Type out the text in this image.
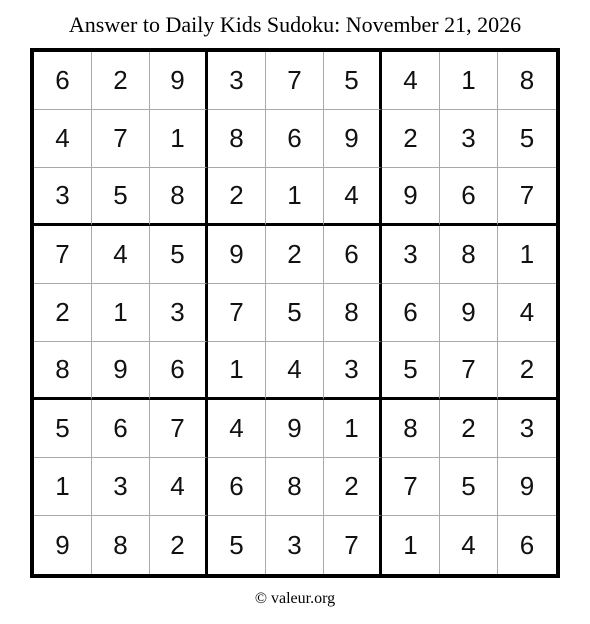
Answer to Daily Kids Sudoku: November 21, 2026
6	2	9	3	7	5	4	1	8
4	7	1	8	6	9	2	3	5
3	5	8	2	1	4	9	6	7
7	4	5	9	2	6	3	8	1
2	1	3	7	5	8	6	9	4
8	9	6	1	4	3	5	7	2
5	6	7	4	9	1	8	2	3
1	3	4	6	8	2	7	5	9
9	8	2	5	3	7	1	4	6
© valeur.org
